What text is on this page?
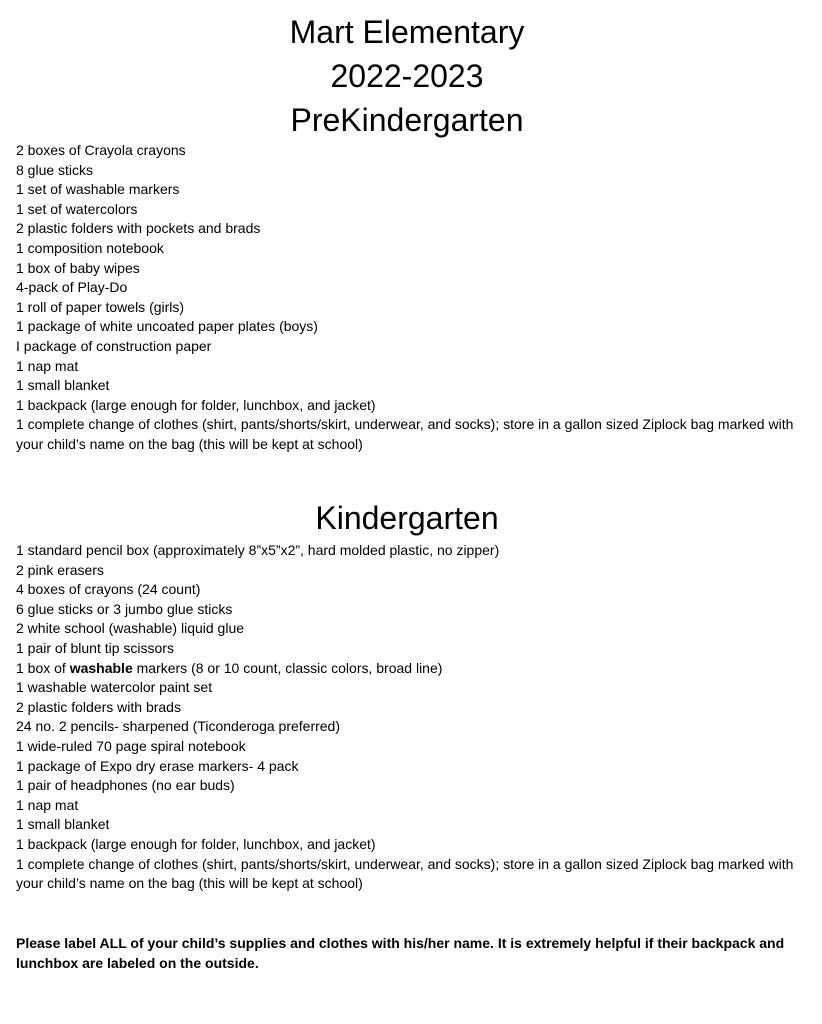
Mart Elementary
2022-2023
PreKindergarten
2 boxes of Crayola crayons
8 glue sticks
1 set of washable markers
1 set of watercolors
2 plastic folders with pockets and brads
1 composition notebook
1 box of baby wipes
4-pack of Play-Do
1 roll of paper towels (girls)
1 package of white uncoated paper plates (boys)
I package of construction paper
1 nap mat
1 small blanket
1 backpack (large enough for folder, lunchbox, and jacket)
1 complete change of clothes (shirt, pants/shorts/skirt, underwear, and socks); store in a gallon sized Ziplock bag marked with your child’s name on the bag (this will be kept at school)
Kindergarten
1 standard pencil box (approximately 8”x5”x2”, hard molded plastic, no zipper)
2 pink erasers
4 boxes of crayons (24 count)
6 glue sticks or 3 jumbo glue sticks
2 white school (washable) liquid glue
1 pair of blunt tip scissors
1 box of washable markers (8 or 10 count, classic colors, broad line)
1 washable watercolor paint set
2 plastic folders with brads
24 no. 2 pencils- sharpened (Ticonderoga preferred)
1 wide-ruled 70 page spiral notebook
1 package of Expo dry erase markers- 4 pack
1 pair of headphones (no ear buds)
1 nap mat
1 small blanket
1 backpack (large enough for folder, lunchbox, and jacket)
1 complete change of clothes (shirt, pants/shorts/skirt, underwear, and socks); store in a gallon sized Ziplock bag marked with your child’s name on the bag (this will be kept at school)

Please label ALL of your child’s supplies and clothes with his/her name. It is extremely helpful if their backpack and lunchbox are labeled on the outside.
